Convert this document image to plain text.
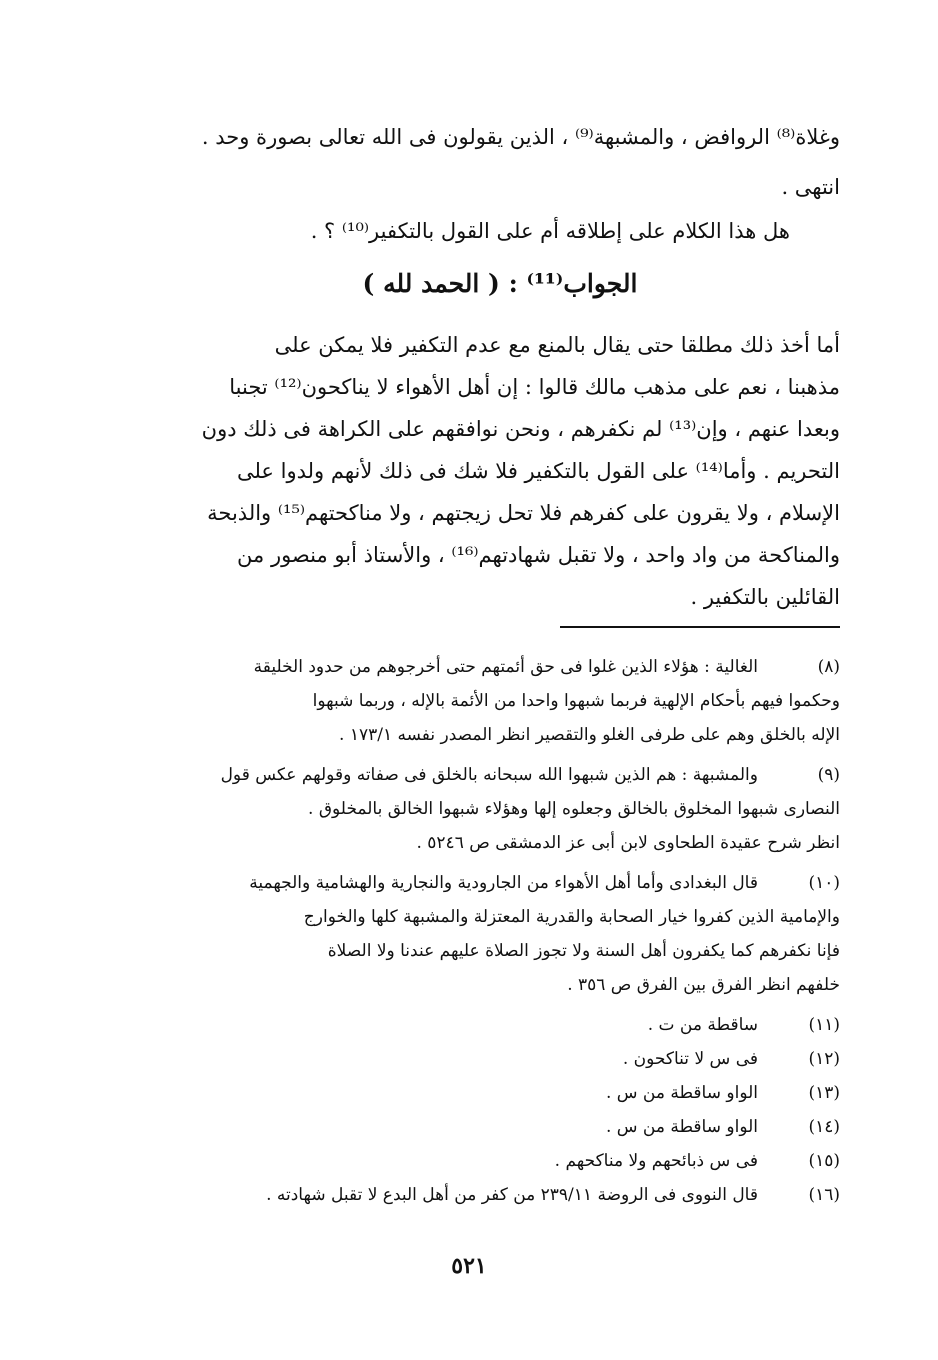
وغلاة⁽⁸⁾ الروافض ، والمشبهة⁽⁹⁾ ، الذين يقولون فى الله تعالى بصورة وحد .
انتهى .
هل هذا الكلام على إطلاقه أم على القول بالتكفير⁽¹⁰⁾ ؟ .
الجواب⁽¹¹⁾ : ( الحمد لله )
أما أخذ ذلك مطلقا حتى يقال بالمنع مع عدم التكفير فلا يمكن على
مذهبنا ، نعم على مذهب مالك قالوا : إن أهل الأهواء لا يناكحون⁽¹²⁾ تجنبا
وبعدا عنهم ، وإن⁽¹³⁾ لم نكفرهم ، ونحن نوافقهم على الكراهة فى ذلك دون
التحريم . وأما⁽¹⁴⁾ على القول بالتكفير فلا شك فى ذلك لأنهم ولدوا على
الإسلام ، ولا يقرون على كفرهم فلا تحل زيجتهم ، ولا مناكحتهم⁽¹⁵⁾ والذبحة
والمناكحة من واد واحد ، ولا تقبل شهادتهم⁽¹⁶⁾ ، والأستاذ أبو منصور من
القائلين بالتكفير .
(٨)
الغالية : هؤلاء الذين غلوا فى حق أئمتهم حتى أخرجوهم من حدود الخليقة
وحكموا فيهم بأحكام الإلهية فربما شبهوا واحدا من الأئمة بالإله ، وربما شبهوا
الإله بالخلق وهم على طرفى الغلو والتقصير انظر المصدر نفسه ١٧٣/١ .
(٩)
والمشبهة : هم الذين شبهوا الله سبحانه بالخلق فى صفاته وقولهم عكس قول
النصارى شبهوا المخلوق بالخالق وجعلوه إلها وهؤلاء شبهوا الخالق بالمخلوق .
انظر شرح عقيدة الطحاوى لابن أبى عز الدمشقى ص ٥٢٤٦ .
(١٠)
قال البغدادى وأما أهل الأهواء من الجارودية والنجارية والهشامية والجهمية
والإمامية الذين كفروا خيار الصحابة والقدرية المعتزلة والمشبهة كلها والخوارج
فإنا نكفرهم كما يكفرون أهل السنة ولا تجوز الصلاة عليهم عندنا ولا الصلاة
خلفهم انظر الفرق بين الفرق ص ٣٥٦ .
(١١)
ساقطة من ت .
(١٢)
فى س لا تناكحون .
(١٣)
الواو ساقطة من س .
(١٤)
الواو ساقطة من س .
(١٥)
فى س ذبائحهم ولا مناكحهم .
(١٦)
قال النووى فى الروضة ٢٣٩/١١ من كفر من أهل البدع لا تقبل شهادته .
٥٢١
